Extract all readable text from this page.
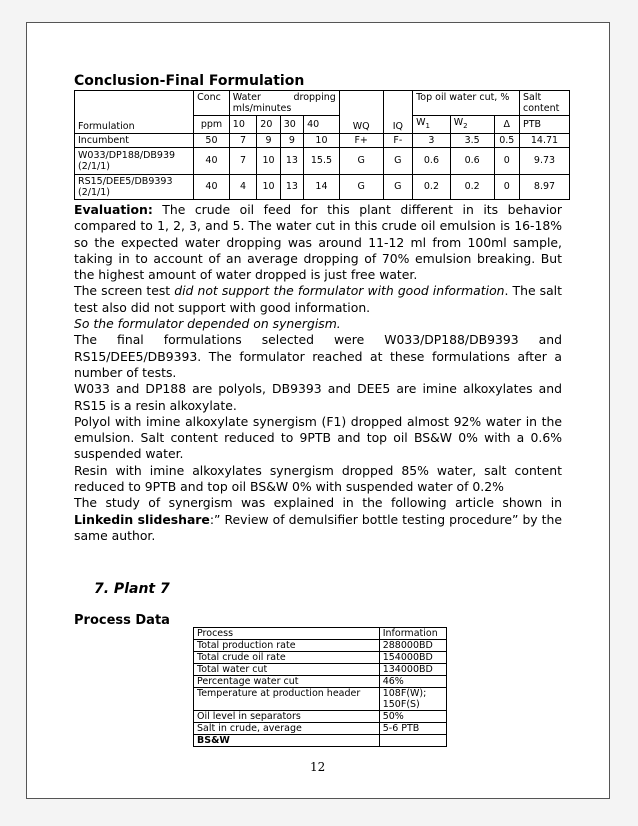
Conclusion-Final Formulation
Formulation	Conc	Water dropping mls/minutes				WQ	IQ	Top oil water cut, %			Salt content
	ppm	10	20	30	40			$W_1$	$W_2$	Δ	PTB
Incumbent	50	7	9	9	10	F+	F-	3	3.5	0.5	14.71
W033/DP188/DB939 (2/1/1)	40	7	10	13	15.5	G	G	0.6	0.6	0	9.73
RS15/DEE5/DB9393 (2/1/1)	40	4	10	13	14	G	G	0.2	0.2	0	8.97

Evaluation: The crude oil feed for this plant different in its behavior compared to 1, 2, 3, and 5. The water cut in this crude oil emulsion is 16-18% so the expected water dropping was around 11-12 ml from 100ml sample, taking in to account of an average dropping of 70% emulsion breaking. But the highest amount of water dropped is just free water.

The screen test did not support the formulator with good information. The salt test also did not support with good information.

So the formulator depended on synergism.

The final formulations selected were W033/DP188/DB9393 and RS15/DEE5/DB9393. The formulator reached at these formulations after a number of tests.

W033 and DP188 are polyols, DB9393 and DEE5 are imine alkoxylates and RS15 is a resin alkoxylate.

Polyol with imine alkoxylate synergism (F1) dropped almost 92% water in the emulsion. Salt content reduced to 9PTB and top oil BS&W 0% with a 0.6% suspended water.

Resin with imine alkoxylates synergism dropped 85% water, salt content reduced to 9PTB and top oil BS&W 0% with suspended water of 0.2%

The study of synergism was explained in the following article shown in Linkedin slideshare:” Review of demulsifier bottle testing procedure” by the same author.

7. Plant 7
Process Data
Process	Information
Total production rate	288000BD
Total crude oil rate	154000BD
Total water cut	134000BD
Percentage water cut	46%
Temperature at production header	108F(W); 150F(S)
Oil level in separators	50%
Salt in crude, average	5-6 PTB
BS&W	
12
